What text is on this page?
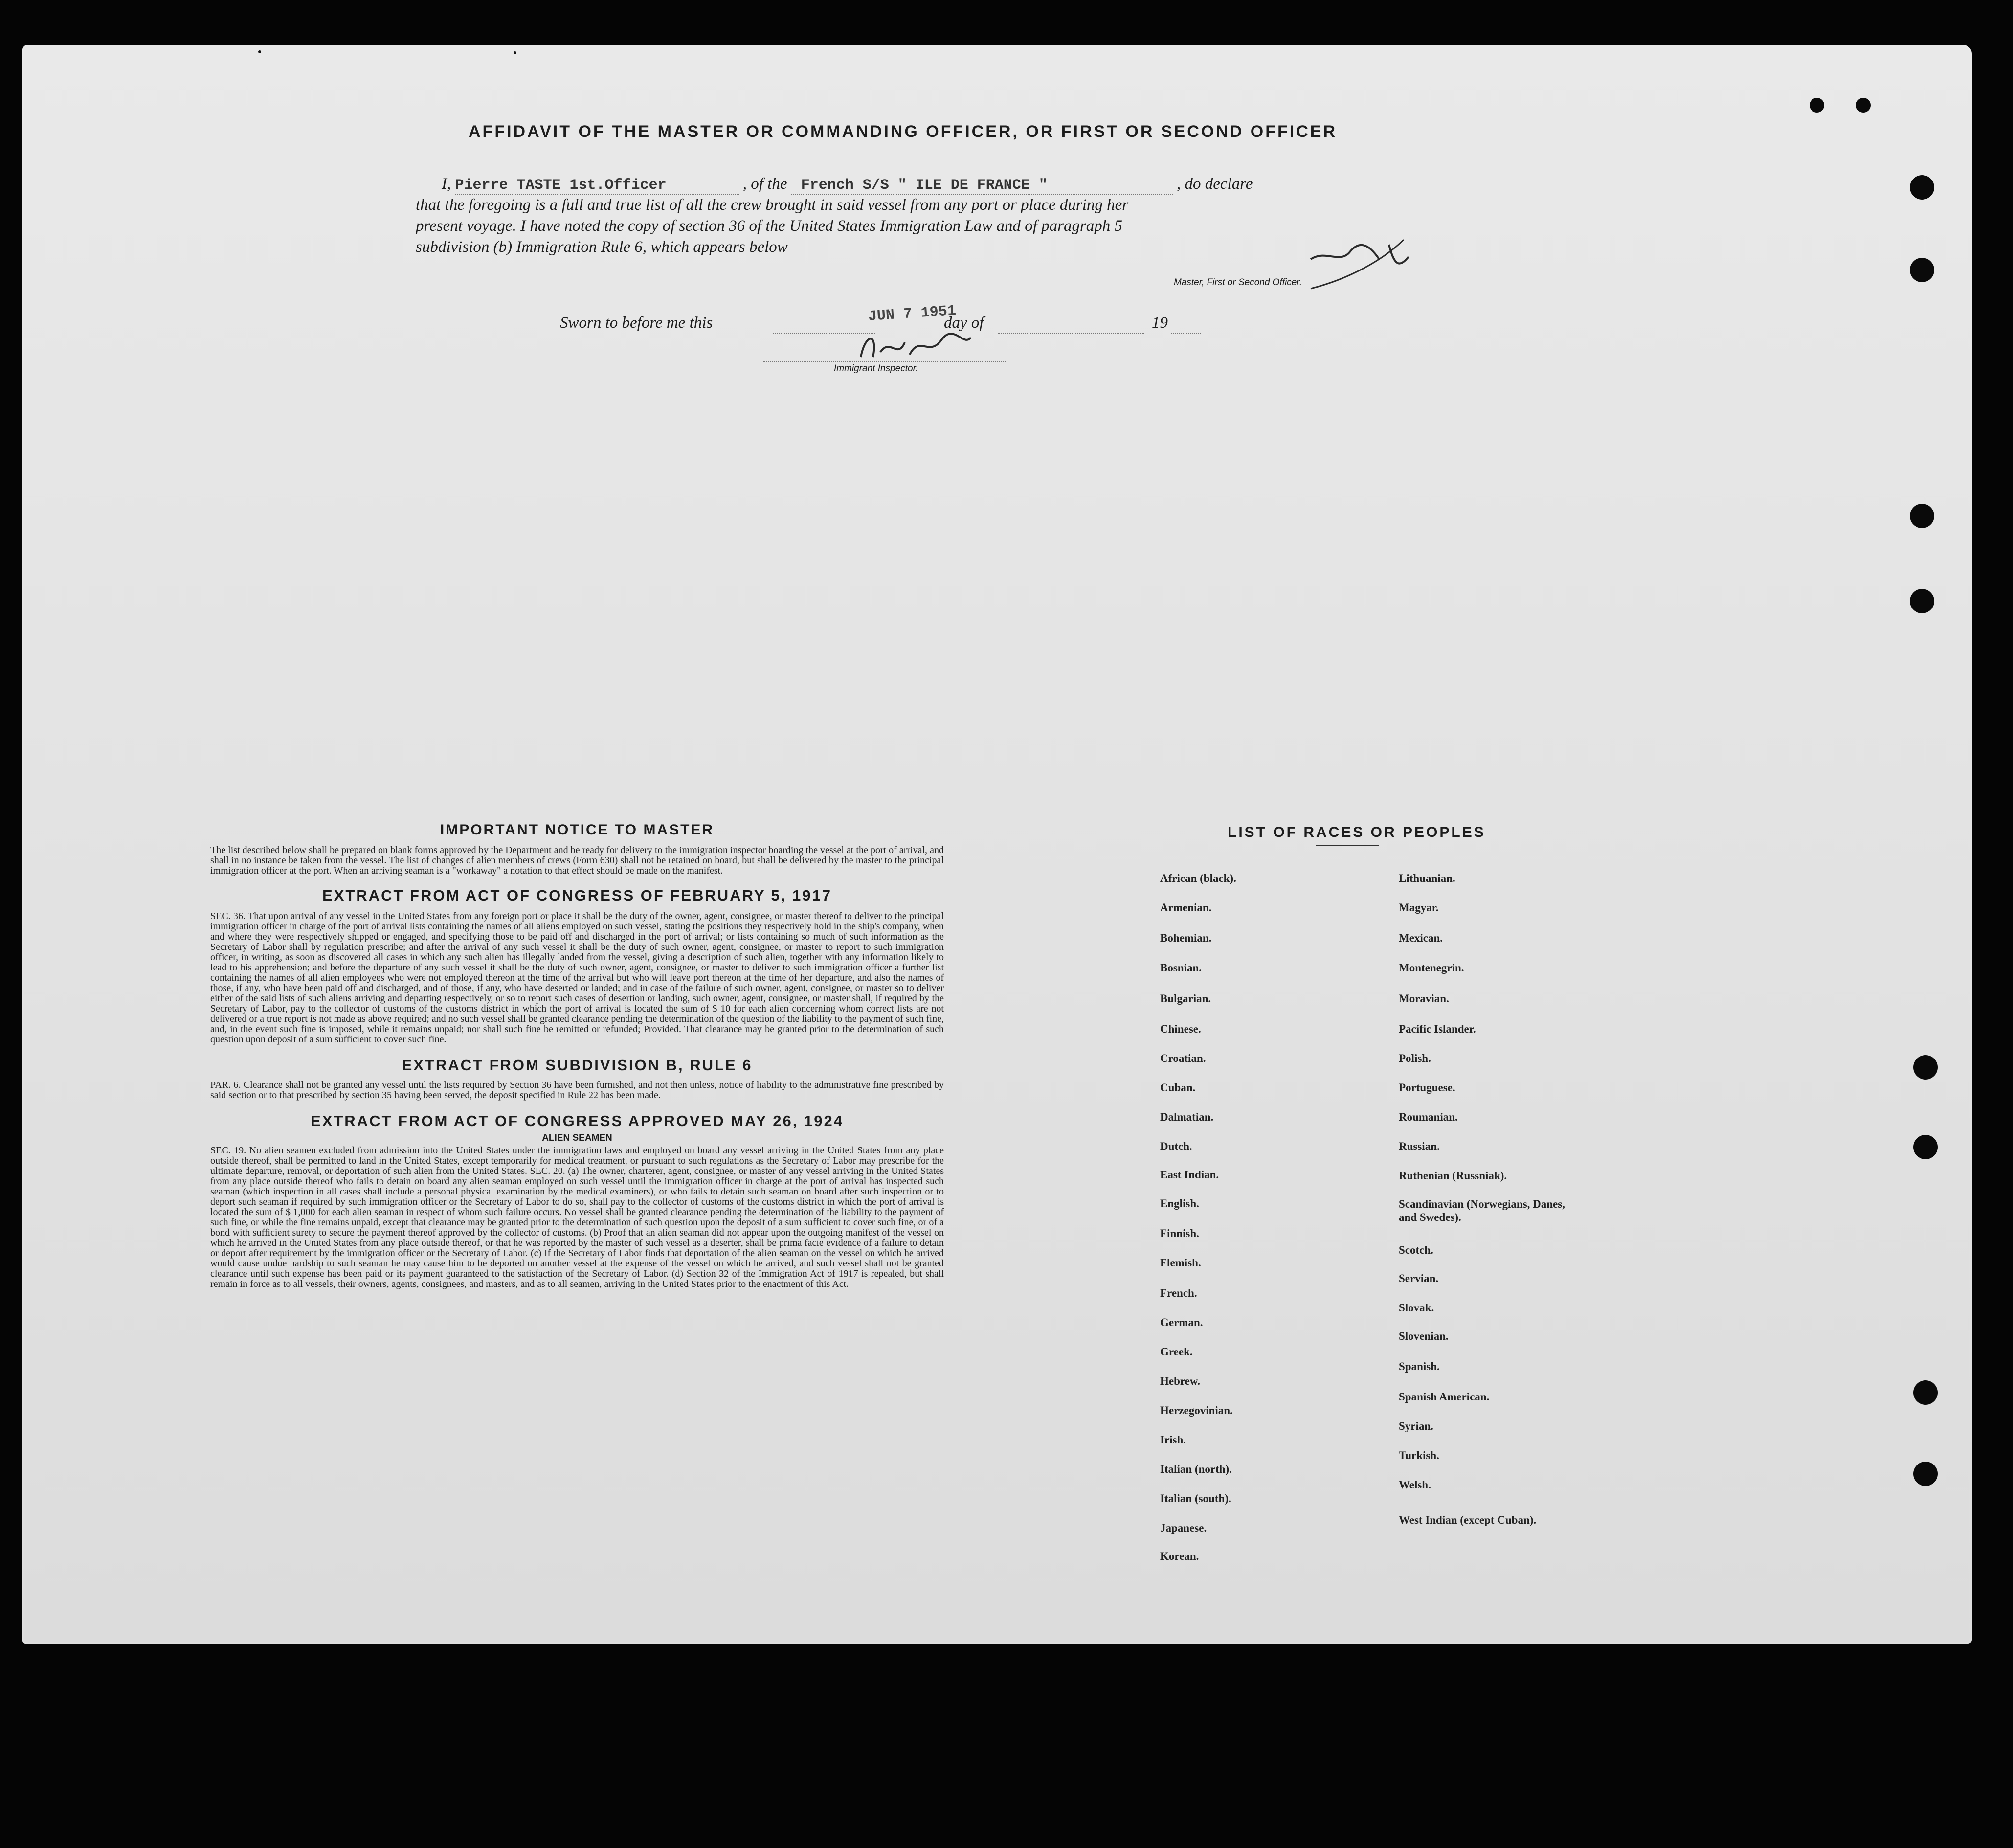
AFFIDAVIT OF THE MASTER OR COMMANDING OFFICER, OR FIRST OR SECOND OFFICER
I, Pierre TASTE 1st.Officer	, of the French S/S " ILE DE FRANCE "	, do declare
that the foregoing is a full and true list of all the crew brought in said vessel from any port or place during her
present voyage. I have noted the copy of section 36 of the United States Immigration Law and of paragraph 5
subdivision (b) Immigration Rule 6, which appears below
Master, First or Second Officer.
Sworn to before me this	JUN 7 1951
day of	19
Immigrant Inspector.
IMPORTANT NOTICE TO MASTER

The list described below shall be prepared on blank forms approved by the Department and be ready for delivery to the immigration inspector boarding the vessel at the port of arrival, and shall in no instance be taken from the vessel. The list of changes of alien members of crews (Form 630) shall not be retained on board, but shall be delivered by the master to the principal immigration officer at the port. When an arriving seaman is a "workaway" a notation to that effect should be made on the manifest.

EXTRACT FROM ACT OF CONGRESS OF FEBRUARY 5, 1917

SEC. 36. That upon arrival of any vessel in the United States from any foreign port or place it shall be the duty of the owner, agent, consignee, or master thereof to deliver to the principal immigration officer in charge of the port of arrival lists containing the names of all aliens employed on such vessel, stating the positions they respectively hold in the ship's company, when and where they were respectively shipped or engaged, and specifying those to be paid off and discharged in the port of arrival; or lists containing so much of such information as the Secretary of Labor shall by regulation prescribe; and after the arrival of any such vessel it shall be the duty of such owner, agent, consignee, or master to report to such immigration officer, in writing, as soon as discovered all cases in which any such alien has illegally landed from the vessel, giving a description of such alien, together with any information likely to lead to his apprehension; and before the departure of any such vessel it shall be the duty of such owner, agent, consignee, or master to deliver to such immigration officer a further list containing the names of all alien employees who were not employed thereon at the time of the arrival but who will leave port thereon at the time of her departure, and also the names of those, if any, who have been paid off and discharged, and of those, if any, who have deserted or landed; and in case of the failure of such owner, agent, consignee, or master so to deliver either of the said lists of such aliens arriving and departing respectively, or so to report such cases of desertion or landing, such owner, agent, consignee, or master shall, if required by the Secretary of Labor, pay to the collector of customs of the customs district in which the port of arrival is located the sum of $ 10 for each alien concerning whom correct lists are not delivered or a true report is not made as above required; and no such vessel shall be granted clearance pending the determination of the question of the liability to the payment of such fine, and, in the event such fine is imposed, while it remains unpaid; nor shall such fine be remitted or refunded; Provided. That clearance may be granted prior to the determination of such question upon deposit of a sum sufficient to cover such fine.

EXTRACT FROM SUBDIVISION B, RULE 6

PAR. 6. Clearance shall not be granted any vessel until the lists required by Section 36 have been furnished, and not then unless, notice of liability to the administrative fine prescribed by said section or to that prescribed by section 35 having been served, the deposit specified in Rule 22 has been made.

EXTRACT FROM ACT OF CONGRESS APPROVED MAY 26, 1924
ALIEN SEAMEN

SEC. 19. No alien seamen excluded from admission into the United States under the immigration laws and employed on board any vessel arriving in the United States from any place outside thereof, shall be permitted to land in the United States, except temporarily for medical treatment, or pursuant to such regulations as the Secretary of Labor may prescribe for the ultimate departure, removal, or deportation of such alien from the United States. SEC. 20. (a) The owner, charterer, agent, consignee, or master of any vessel arriving in the United States from any place outside thereof who fails to detain on board any alien seaman employed on such vessel until the immigration officer in charge at the port of arrival has inspected such seaman (which inspection in all cases shall include a personal physical examination by the medical examiners), or who fails to detain such seaman on board after such inspection or to deport such seaman if required by such immigration officer or the Secretary of Labor to do so, shall pay to the collector of customs of the customs district in which the port of arrival is located the sum of $ 1,000 for each alien seaman in respect of whom such failure occurs. No vessel shall be granted clearance pending the determination of the liability to the payment of such fine, or while the fine remains unpaid, except that clearance may be granted prior to the determination of such question upon the deposit of a sum sufficient to cover such fine, or of a bond with sufficient surety to secure the payment thereof approved by the collector of customs. (b) Proof that an alien seaman did not appear upon the outgoing manifest of the vessel on which he arrived in the United States from any place outside thereof, or that he was reported by the master of such vessel as a deserter, shall be prima facie evidence of a failure to detain or deport after requirement by the immigration officer or the Secretary of Labor. (c) If the Secretary of Labor finds that deportation of the alien seaman on the vessel on which he arrived would cause undue hardship to such seaman he may cause him to be deported on another vessel at the expense of the vessel on which he arrived, and such vessel shall not be granted clearance until such expense has been paid or its payment guaranteed to the satisfaction of the Secretary of Labor. (d) Section 32 of the Immigration Act of 1917 is repealed, but shall remain in force as to all vessels, their owners, agents, consignees, and masters, and as to all seamen, arriving in the United States prior to the enactment of this Act.

LIST OF RACES OR PEOPLES
African (black).
Armenian.
Bohemian.
Bosnian.
Bulgarian.
Chinese.
Croatian.
Cuban.
Dalmatian.
Dutch.
East Indian.
English.
Finnish.
Flemish.
French.
German.
Greek.
Hebrew.
Herzegovinian.
Irish.
Italian (north).
Italian (south).
Japanese.
Korean.
Lithuanian.
Magyar.
Mexican.
Montenegrin.
Moravian.
Pacific Islander.
Polish.
Portuguese.
Roumanian.
Russian.
Ruthenian (Russniak).
Scandinavian (Norwegians, Danes, and Swedes).
Scotch.
Servian.
Slovak.
Slovenian.
Spanish.
Spanish American.
Syrian.
Turkish.
Welsh.
West Indian (except Cuban).
